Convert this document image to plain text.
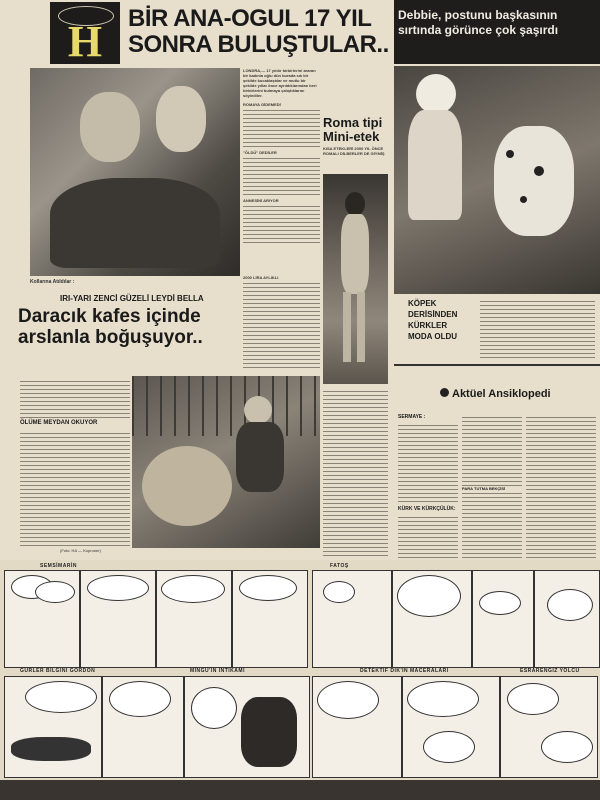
H	BİR ANA-OGUL 17 YIL
SONRA BULUŞTULAR..
Kollarına Atıldılar :
LONDRA,— 17 yıldır birbirlerini araran bir kadınla oğlu dün burada sık bir şekilde kucaklaştılar ve mutlu bir şekilde yıllar önce ayrıldıklarından beri birbirlerini bulmaya çalıştıklarını söylediler.
ROMAYA GİDEMEDİ
"ÖLDÜ" DEDİLER
ANNESİNİ ARIYOR
2000 LİRA AYLIKLI
Roma tipi
Mini-etek
KISA ETEKLERİ 2000 YIL ÖNCE ROMALI DİLBERLER DE GİYMİŞ
Debbie, postunu başkasının
sırtında görünce çok şaşırdı
KÖPEK
DERİSİNDEN
KÜRKLER
MODA OLDU
IRI-YARI ZENCİ GÜZELİ LEYDİ BELLA
Daracık kafes içinde
arslanla boğuşuyor..
ÖLÜME MEYDAN OKUYOR
(Foto: HA — Kopruner)
Aktüel Ansiklopedi
SERMAYE :
KÜRK VE KÜRKÇÜLÜK:
PARA TUTMA BEKÇİSİ
SEMSİMARİN	FATOŞ
GÜRLER BİLGİNİ GORDON	MİNGÜ'IN İNTİKAMI	DETEKTİF DİK'İN MACERALARI	ESRARENGİZ YOLCU
